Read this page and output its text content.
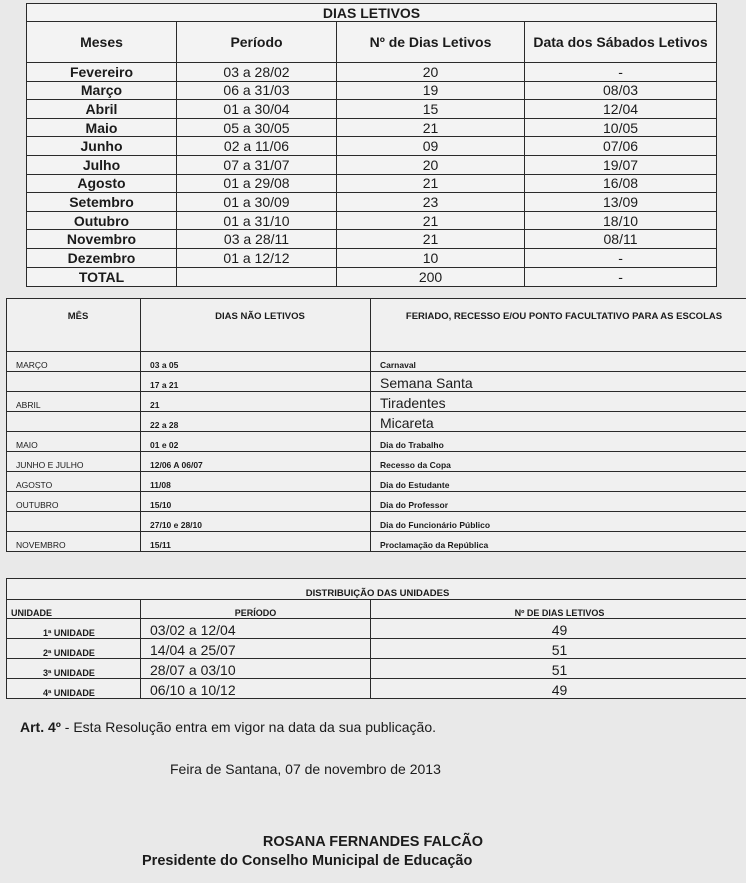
DIAS LETIVOS			
Meses	Período	Nº de Dias Letivos	Data dos Sábados Letivos
Fevereiro	03 a 28/02	20	-
Março	06 a 31/03	19	08/03
Abril	01 a 30/04	15	12/04
Maio	05 a 30/05	21	10/05
Junho	02 a 11/06	09	07/06
Julho	07 a 31/07	20	19/07
Agosto	01 a 29/08	21	16/08
Setembro	01 a 30/09	23	13/09
Outubro	01 a 31/10	21	18/10
Novembro	03 a 28/11	21	08/11
Dezembro	01 a 12/12	10	-
TOTAL		200	-
MÊS	DIAS NÃO LETIVOS	FERIADO, RECESSO E/OU PONTO FACULTATIVO PARA AS ESCOLAS
MARÇO	03 a 05	Carnaval
	17 a 21	Semana Santa
ABRIL	21	Tiradentes
	22 a 28	Micareta
MAIO	01 e 02	Dia do Trabalho
JUNHO E JULHO	12/06 A 06/07	Recesso da Copa
AGOSTO	11/08	Dia do Estudante
OUTUBRO	15/10	Dia do Professor
	27/10 e 28/10	Dia do Funcionário Público
NOVEMBRO	15/11	Proclamação da República
DISTRIBUIÇÃO DAS UNIDADES		
UNIDADE	PERÍODO	Nº DE DIAS LETIVOS
1ª UNIDADE	03/02 a 12/04	49
2ª UNIDADE	14/04 a 25/07	51
3ª UNIDADE	28/07 a 03/10	51
4ª UNIDADE	06/10 a 10/12	49
Art. 4º - Esta Resolução entra em vigor na data da sua publicação.
Feira de Santana, 07 de novembro de 2013
ROSANA FERNANDES FALCÃO
Presidente do Conselho Municipal de Educação
